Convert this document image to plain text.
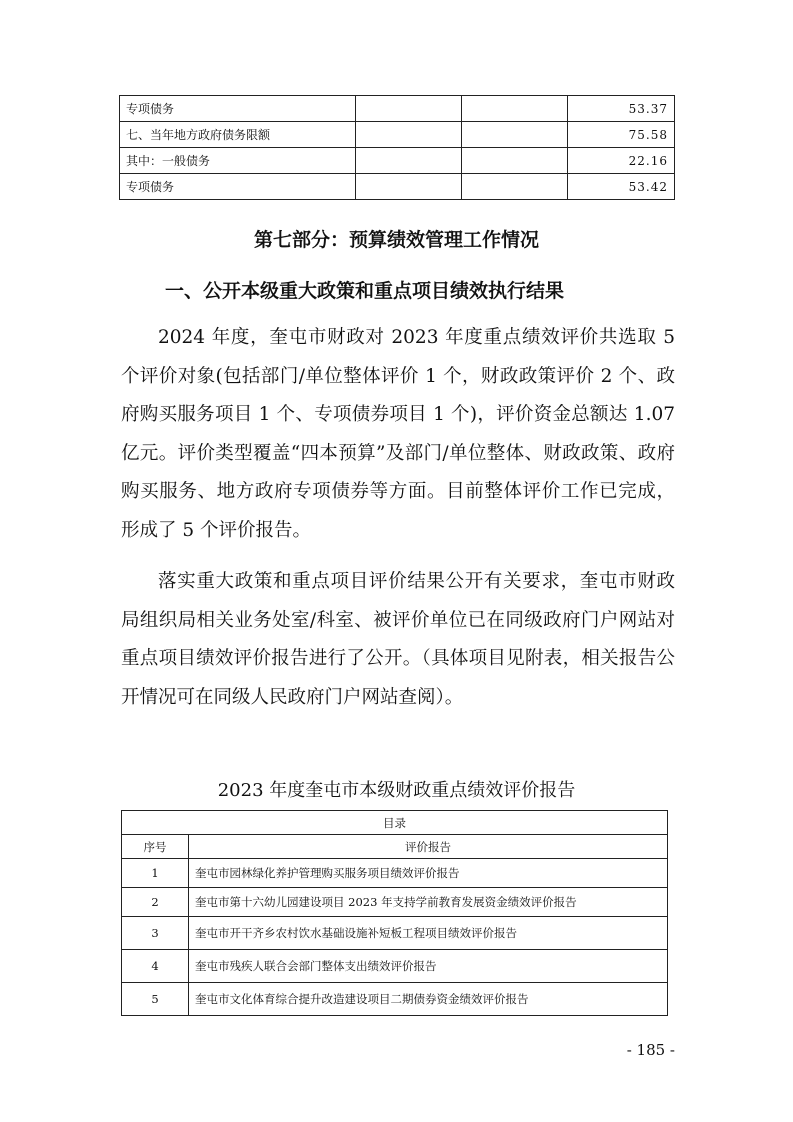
专项债务			53.37
七、当年地方政府债务限额			75.58
其中：一般债务			22.16
专项债务			53.42
第七部分：预算绩效管理工作情况
一、公开本级重大政策和重点项目绩效执行结果

2024 年度，奎屯市财政对 2023 年度重点绩效评价共选取 5 个评价对象(包括部门/单位整体评价 1 个，财政政策评价 2 个、政府购买服务项目 1 个、专项债券项目 1 个)，评价资金总额达 1.07 亿元。评价类型覆盖“四本预算”及部门/单位整体、财政政策、政府购买服务、地方政府专项债券等方面。目前整体评价工作已完成，形成了 5 个评价报告。

落实重大政策和重点项目评价结果公开有关要求，奎屯市财政局组织局相关业务处室/科室、被评价单位已在同级政府门户网站对重点项目绩效评价报告进行了公开。（具体项目见附表，相关报告公开情况可在同级人民政府门户网站查阅）。

2023 年度奎屯市本级财政重点绩效评价报告
目录	
序号	评价报告
1	奎屯市园林绿化养护管理购买服务项目绩效评价报告
2	奎屯市第十六幼儿园建设项目 2023 年支持学前教育发展资金绩效评价报告
3	奎屯市开干齐乡农村饮水基础设施补短板工程项目绩效评价报告
4	奎屯市残疾人联合会部门整体支出绩效评价报告
5	奎屯市文化体育综合提升改造建设项目二期债券资金绩效评价报告
- 185 -
